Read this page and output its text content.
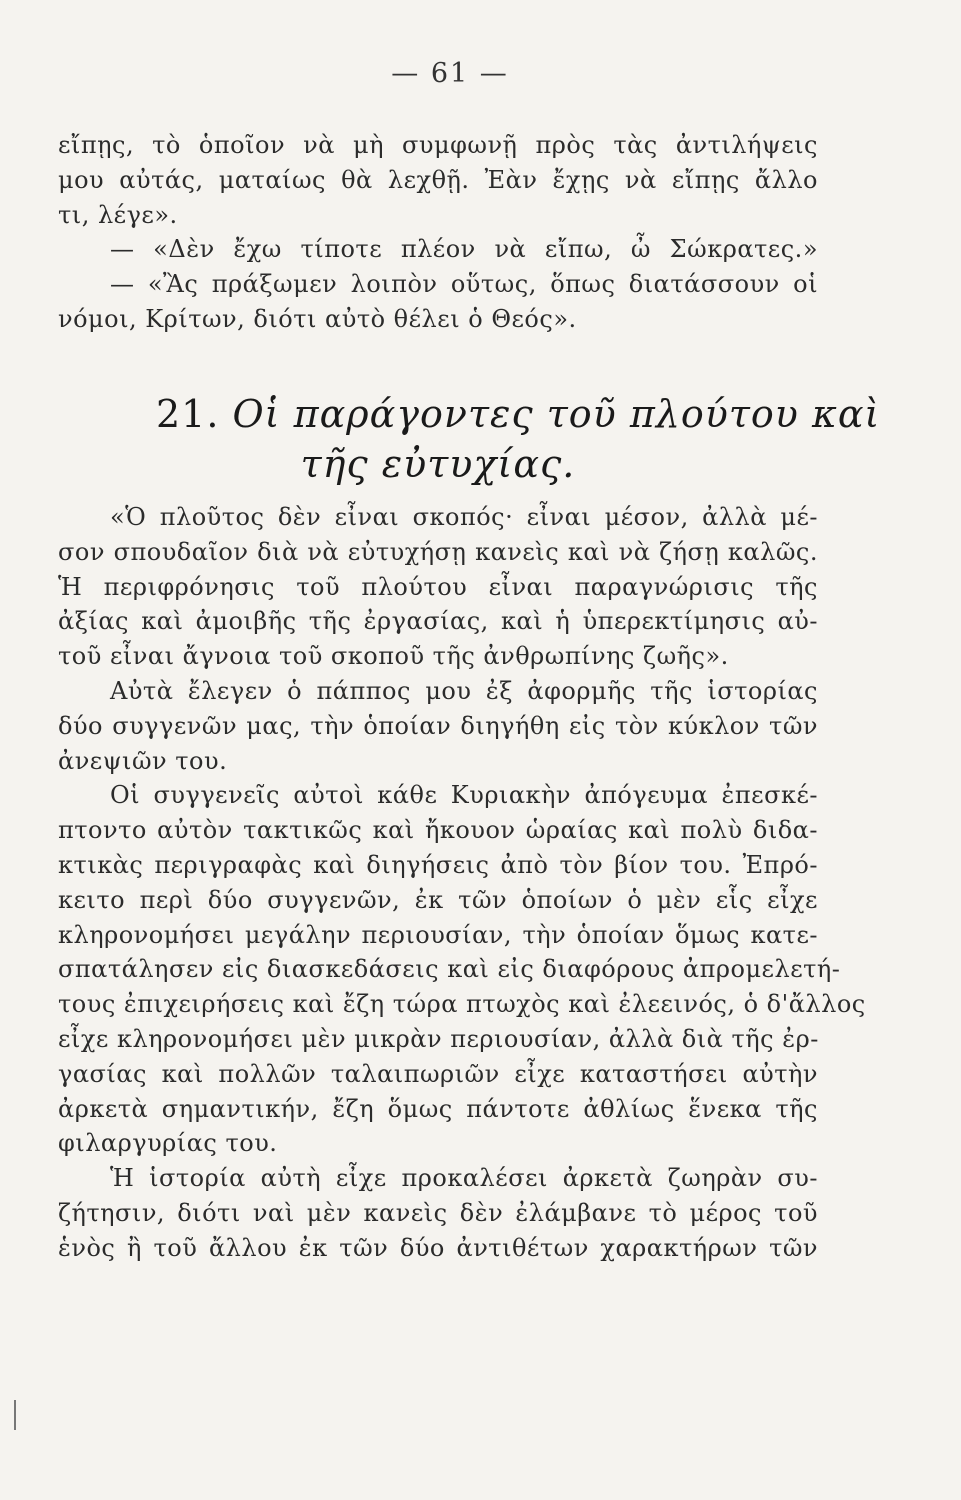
— 61 —
εἴπῃς, τὸ ὁποῖον νὰ μὴ συμφωνῇ πρὸς τὰς ἀντιλήψεις
μου αὐτάς, ματαίως θὰ λεχθῇ. Ἐὰν ἔχῃς νὰ εἴπῃς ἄλλο
τι, λέγε».
— «Δὲν ἔχω τίποτε πλέον νὰ εἴπω, ὦ Σώκρατες.»
— «Ἂς πράξωμεν λοιπὸν οὕτως, ὅπως διατάσσουν οἱ
νόμοι, Κρίτων, διότι αὐτὸ θέλει ὁ Θεός».
21. Οἱ παράγοντες τοῦ πλούτου καὶ
τῆς εὐτυχίας.
«Ὁ πλοῦτος δὲν εἶναι σκοπός· εἶναι μέσον, ἀλλὰ μέ-
σον σπουδαῖον διὰ νὰ εὐτυχήσῃ κανεὶς καὶ νὰ ζήσῃ καλῶς.
Ἡ περιφρόνησις τοῦ πλούτου εἶναι παραγνώρισις τῆς
ἀξίας καὶ ἀμοιβῆς τῆς ἐργασίας, καὶ ἡ ὑπερεκτίμησις αὐ-
τοῦ εἶναι ἄγνοια τοῦ σκοποῦ τῆς ἀνθρωπίνης ζωῆς».
Αὐτὰ ἔλεγεν ὁ πάππος μου ἐξ ἀφορμῆς τῆς ἱστορίας
δύο συγγενῶν μας, τὴν ὁποίαν διηγήθη εἰς τὸν κύκλον τῶν
ἀνεψιῶν του.
Οἱ συγγενεῖς αὐτοὶ κάθε Κυριακὴν ἀπόγευμα ἐπεσκέ-
πτοντο αὐτὸν τακτικῶς καὶ ἤκουον ὡραίας καὶ πολὺ διδα-
κτικὰς περιγραφὰς καὶ διηγήσεις ἀπὸ τὸν βίον του. Ἐπρό-
κειτο περὶ δύο συγγενῶν, ἐκ τῶν ὁποίων ὁ μὲν εἷς εἶχε
κληρονομήσει μεγάλην περιουσίαν, τὴν ὁποίαν ὅμως κατε-
σπατάλησεν εἰς διασκεδάσεις καὶ εἰς διαφόρους ἀπρομελετή-
τους ἐπιχειρήσεις καὶ ἔζη τώρα πτωχὸς καὶ ἐλεεινός, ὁ δ'ἄλλος
εἶχε κληρονομήσει μὲν μικρὰν περιουσίαν, ἀλλὰ διὰ τῆς ἐρ-
γασίας καὶ πολλῶν ταλαιπωριῶν εἶχε καταστήσει αὐτὴν
ἀρκετὰ σημαντικήν, ἔζη ὅμως πάντοτε ἀθλίως ἕνεκα τῆς
φιλαργυρίας του.
Ἡ ἱστορία αὐτὴ εἶχε προκαλέσει ἀρκετὰ ζωηρὰν συ-
ζήτησιν, διότι ναὶ μὲν κανεὶς δὲν ἐλάμβανε τὸ μέρος τοῦ
ἑνὸς ἢ τοῦ ἄλλου ἐκ τῶν δύο ἀντιθέτων χαρακτήρων τῶν
